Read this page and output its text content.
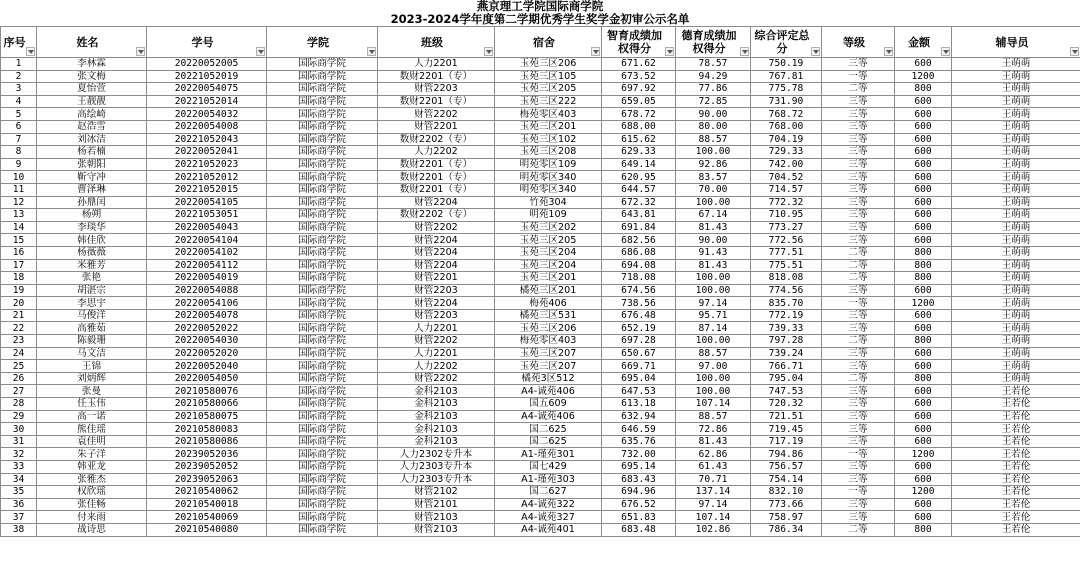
燕京理工学院国际商学院
2023-2024学年度第二学期优秀学生奖学金初审公示名单
序号	姓名	学号	学院	班级	宿舍	智育成绩加权得分	德育成绩加权得分	综合评定总分	等级	金额	辅导员

1	李林霖	20220052005	国际商学院	人力2201	玉苑三区206	671.62	78.57	750.19	三等	600	王萌萌
2	张文梅	20221052019	国际商学院	数财2201（专）	玉苑三区105	673.52	94.29	767.81	一等	1200	王萌萌
3	夏怡萱	20220054075	国际商学院	财管2203	玉苑三区205	697.92	77.86	775.78	二等	800	王萌萌
4	王靓靓	20221052014	国际商学院	数财2201（专）	玉苑三区222	659.05	72.85	731.90	三等	600	王萌萌
5	高绘崎	20220054032	国际商学院	财管2202	梅苑零区403	678.72	90.00	768.72	三等	600	王萌萌
6	赵浩雪	20220054008	国际商学院	财管2201	玉苑三区201	688.00	80.00	768.00	三等	600	王萌萌
7	刘冰洁	20221052043	国际商学院	数财2202（专）	玉苑三区102	615.62	88.57	704.19	三等	600	王萌萌
8	杨若楠	20220052041	国际商学院	人力2202	玉苑三区208	629.33	100.00	729.33	三等	600	王萌萌
9	张朝阳	20221052023	国际商学院	数财2201（专）	明苑零区109	649.14	92.86	742.00	三等	600	王萌萌
10	靳守冲	20221052012	国际商学院	数财2201（专）	明苑零区340	620.95	83.57	704.52	三等	600	王萌萌
11	曹泽琳	20221052015	国际商学院	数财2201（专）	明苑零区340	644.57	70.00	714.57	三等	600	王萌萌
12	孙鼎闰	20220054105	国际商学院	财管2204	竹苑304	672.32	100.00	772.32	三等	600	王萌萌
13	杨朔	20221053051	国际商学院	数财2202（专）	明苑109	643.81	67.14	710.95	三等	600	王萌萌
14	李琰华	20220054043	国际商学院	财管2202	玉苑三区202	691.84	81.43	773.27	三等	600	王萌萌
15	韩佳欣	20220054104	国际商学院	财管2204	玉苑三区205	682.56	90.00	772.56	三等	600	王萌萌
16	杨薇薇	20220054102	国际商学院	财管2204	玉苑三区204	686.08	91.43	777.51	二等	800	王萌萌
17	米雅芳	20220054112	国际商学院	财管2204	玉苑三区204	694.08	81.43	775.51	二等	800	王萌萌
18	张艳	20220054019	国际商学院	财管2201	玉苑三区201	718.08	100.00	818.08	二等	800	王萌萌
19	胡湛宗	20220054088	国际商学院	财管2203	橘苑三区201	674.56	100.00	774.56	三等	600	王萌萌
20	李思宇	20220054106	国际商学院	财管2204	梅苑406	738.56	97.14	835.70	一等	1200	王萌萌
21	马俊洋	20220054078	国际商学院	财管2203	橘苑三区531	676.48	95.71	772.19	三等	600	王萌萌
22	高雅茹	20220052022	国际商学院	人力2201	玉苑三区206	652.19	87.14	739.33	三等	600	王萌萌
23	陈毅珊	20220054030	国际商学院	财管2202	梅苑零区403	697.28	100.00	797.28	二等	800	王萌萌
24	马文洁	20220052020	国际商学院	人力2201	玉苑三区207	650.67	88.57	739.24	三等	600	王萌萌
25	王锦	20220052040	国际商学院	人力2202	玉苑三区207	669.71	97.00	766.71	三等	600	王萌萌
26	刘炳辉	20220054050	国际商学院	财管2202	橘苑3区512	695.04	100.00	795.04	二等	800	王萌萌
27	张曼	20210580076	国际商学院	金科2103	A4-诚苑406	647.53	100.00	747.53	三等	600	王若伦
28	任玉伟	20210580066	国际商学院	金科2103	国五609	613.18	107.14	720.32	三等	600	王若伦
29	高一诺	20210580075	国际商学院	金科2103	A4-诚苑406	632.94	88.57	721.51	三等	600	王若伦
30	熊佳瑶	20210580083	国际商学院	金科2103	国二625	646.59	72.86	719.45	三等	600	王若伦
31	袁佳明	20210580086	国际商学院	金科2103	国二625	635.76	81.43	717.19	三等	600	王若伦
32	朱子洋	20239052036	国际商学院	人力2302专升本	A1-瑾苑301	732.00	62.86	794.86	一等	1200	王若伦
33	韩亚龙	20239052052	国际商学院	人力2303专升本	国七429	695.14	61.43	756.57	三等	600	王若伦
34	张雅杰	20239052063	国际商学院	人力2303专升本	A1-瑾苑303	683.43	70.71	754.14	三等	600	王若伦
35	权欣瑶	20210540062	国际商学院	财管2102	国二627	694.96	137.14	832.10	一等	1200	王若伦
36	张佳畅	20210540018	国际商学院	财管2101	A4-诚苑322	676.52	97.14	773.66	三等	600	王若伦
37	付来雨	20210540069	国际商学院	财管2103	A4-诚苑327	651.83	107.14	758.97	三等	600	王若伦
38	战诗思	20210540080	国际商学院	财管2103	A4-诚苑401	683.48	102.86	786.34	二等	800	王若伦
